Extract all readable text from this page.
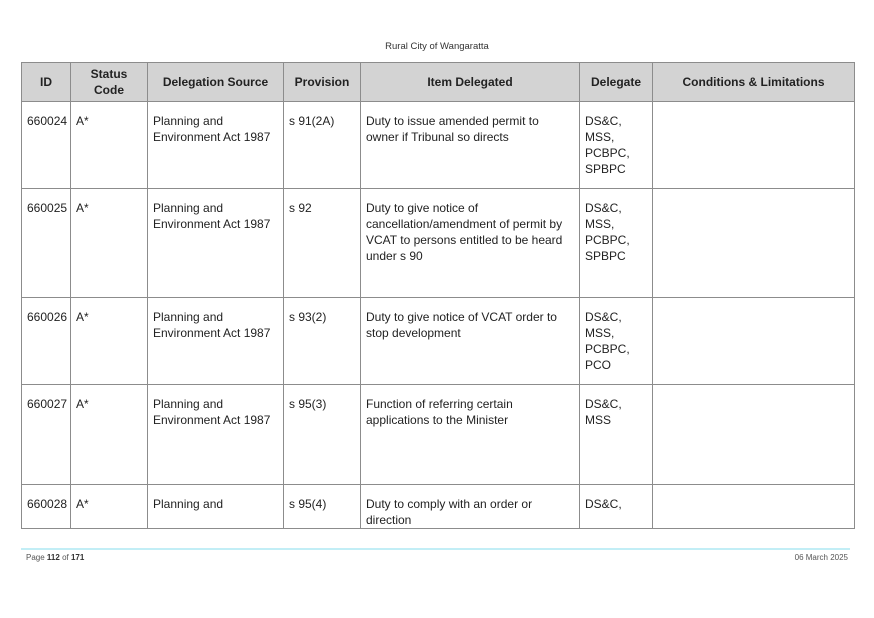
Rural City of Wangaratta
ID	Status Code	Delegation Source	Provision	Item Delegated	Delegate	Conditions & Limitations
660024	A*	Planning and Environment Act 1987	s 91(2A)	Duty to issue amended permit to owner if Tribunal so directs	DS&C,
MSS,
PCBPC,
SPBPC	

660025	A*	Planning and Environment Act 1987	s 92	Duty to give notice of cancellation/amendment of permit by VCAT to persons entitled to be heard under s 90	DS&C,
MSS,
PCBPC,
SPBPC	

660026	A*	Planning and Environment Act 1987	s 93(2)	Duty to give notice of VCAT order to stop development	DS&C,
MSS,
PCBPC,
PCO	

660027	A*	Planning and Environment Act 1987	s 95(3)	Function of referring certain applications to the Minister	DS&C,
MSS	

660028	A*	Planning and	s 95(4)	Duty to comply with an order or direction	DS&C,	

Page 112 of 171	06 March 2025
